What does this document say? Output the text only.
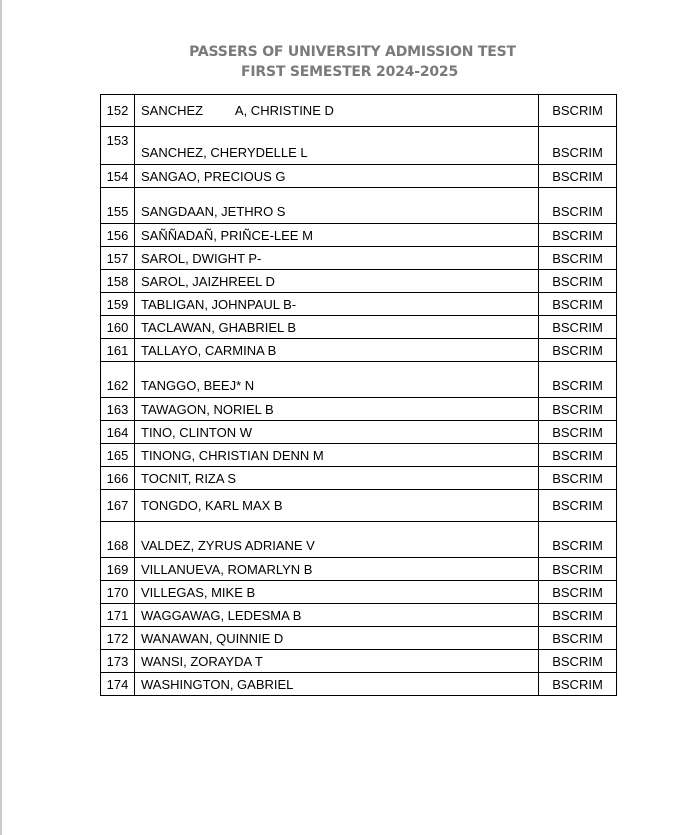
PASSERS OF UNIVERSITY ADMISSION TEST
FIRST SEMESTER 2024-2025
152	SANCHEZ         A, CHRISTINE D	BSCRIM
153	SANCHEZ, CHERYDELLE L	BSCRIM
154	SANGAO, PRECIOUS G	BSCRIM
155	SANGDAAN, JETHRO S	BSCRIM
156	SAÑÑADAÑ, PRIÑCE-LEE M	BSCRIM
157	SAROL, DWIGHT P-	BSCRIM
158	SAROL, JAIZHREEL D	BSCRIM
159	TABLIGAN, JOHNPAUL B-	BSCRIM
160	TACLAWAN, GHABRIEL B	BSCRIM
161	TALLAYO, CARMINA B	BSCRIM
162	TANGGO, BEEJ* N	BSCRIM
163	TAWAGON, NORIEL B	BSCRIM
164	TINO, CLINTON W	BSCRIM
165	TINONG, CHRISTIAN DENN M	BSCRIM
166	TOCNIT, RIZA S	BSCRIM
167	TONGDO, KARL MAX B	BSCRIM
168	VALDEZ, ZYRUS ADRIANE V	BSCRIM
169	VILLANUEVA, ROMARLYN B	BSCRIM
170	VILLEGAS, MIKE B	BSCRIM
171	WAGGAWAG, LEDESMA B	BSCRIM
172	WANAWAN, QUINNIE D	BSCRIM
173	WANSI, ZORAYDA T	BSCRIM
174	WASHINGTON, GABRIEL	BSCRIM
